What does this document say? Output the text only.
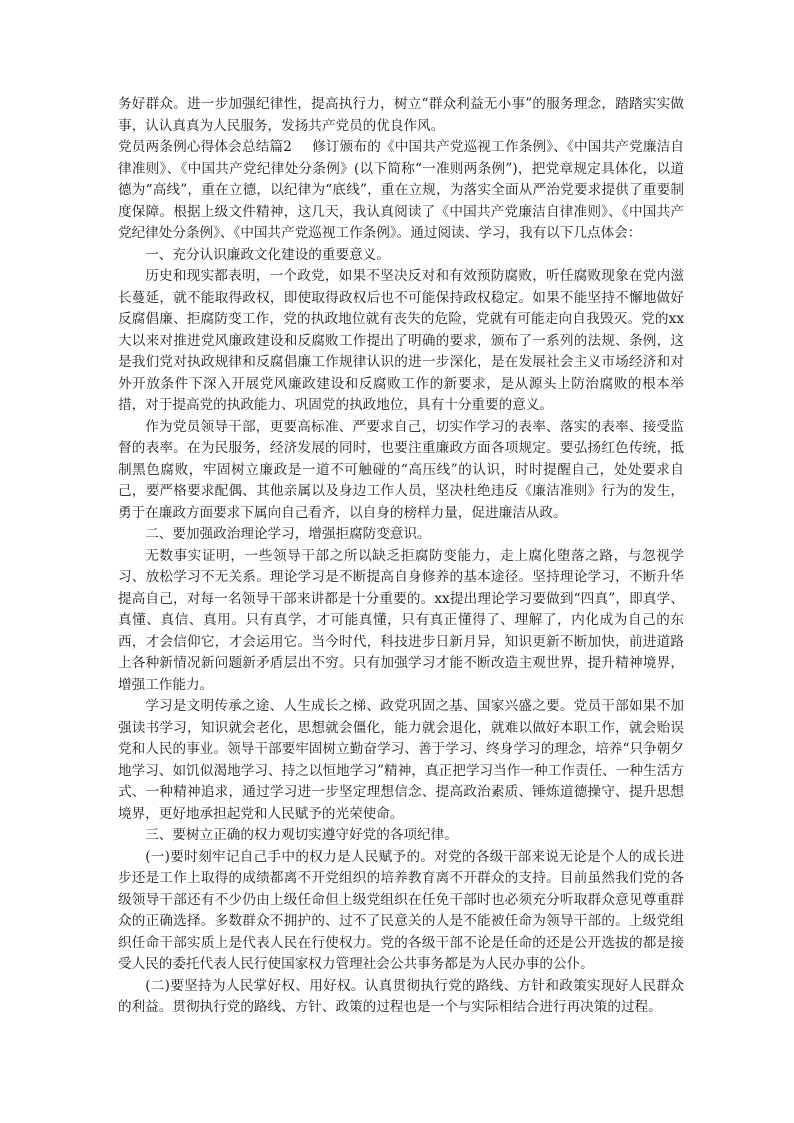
务好群众。进一步加强纪律性，提高执行力，树立“群众利益无小事”的服务理念，踏踏实实做事，认认真真为人民服务，发扬共产党员的优良作风。

党员两条例心得体会总结篇2 修订颁布的《中国共产党巡视工作条例》、《中国共产党廉洁自律准则》、《中国共产党纪律处分条例》(以下简称“一准则两条例”)，把党章规定具体化，以道德为“高线”，重在立德，以纪律为“底线”，重在立规，为落实全面从严治党要求提供了重要制度保障。根据上级文件精神，这几天，我认真阅读了《中国共产党廉洁自律准则》、《中国共产党纪律处分条例》、《中国共产党巡视工作条例》。通过阅读、学习，我有以下几点体会：

一、充分认识廉政文化建设的重要意义。

历史和现实都表明，一个政党，如果不坚决反对和有效预防腐败，听任腐败现象在党内滋长蔓延，就不能取得政权，即使取得政权后也不可能保持政权稳定。如果不能坚持不懈地做好反腐倡廉、拒腐防变工作，党的执政地位就有丧失的危险，党就有可能走向自我毁灭。党的xx大以来对推进党风廉政建设和反腐败工作提出了明确的要求，颁布了一系列的法规、条例，这是我们党对执政规律和反腐倡廉工作规律认识的进一步深化，是在发展社会主义市场经济和对外开放条件下深入开展党风廉政建设和反腐败工作的新要求，是从源头上防治腐败的根本举措，对于提高党的执政能力、巩固党的执政地位，具有十分重要的意义。

作为党员领导干部，更要高标准、严要求自己，切实作学习的表率、落实的表率、接受监督的表率。在为民服务，经济发展的同时，也要注重廉政方面各项规定。要弘扬红色传统，抵制黑色腐败，牢固树立廉政是一道不可触碰的“高压线”的认识，时时提醒自己，处处要求自己，要严格要求配偶、其他亲属以及身边工作人员，坚决杜绝违反《廉洁准则》行为的发生，勇于在廉政方面要求下属向自己看齐，以自身的榜样力量，促进廉洁从政。

二、要加强政治理论学习，增强拒腐防变意识。

无数事实证明，一些领导干部之所以缺乏拒腐防变能力，走上腐化堕落之路，与忽视学习、放松学习不无关系。理论学习是不断提高自身修养的基本途径。坚持理论学习，不断升华提高自己，对每一名领导干部来讲都是十分重要的。xx提出理论学习要做到“四真”，即真学、真懂、真信、真用。只有真学，才可能真懂，只有真正懂得了、理解了，内化成为自己的东西，才会信仰它，才会运用它。当今时代，科技进步日新月异，知识更新不断加快，前进道路上各种新情况新问题新矛盾层出不穷。只有加强学习才能不断改造主观世界，提升精神境界，增强工作能力。

学习是文明传承之途、人生成长之梯、政党巩固之基、国家兴盛之要。党员干部如果不加强读书学习，知识就会老化，思想就会僵化，能力就会退化，就难以做好本职工作，就会贻误党和人民的事业。领导干部要牢固树立勤奋学习、善于学习、终身学习的理念，培养“只争朝夕地学习、如饥似渴地学习、持之以恒地学习”精神，真正把学习当作一种工作责任、一种生活方式、一种精神追求，通过学习进一步坚定理想信念、提高政治素质、锤炼道德操守、提升思想境界，更好地承担起党和人民赋予的光荣使命。

三、要树立正确的权力观切实遵守好党的各项纪律。

(一)要时刻牢记自己手中的权力是人民赋予的。对党的各级干部来说无论是个人的成长进步还是工作上取得的成绩都离不开党组织的培养教育离不开群众的支持。目前虽然我们党的各级领导干部还有不少仍由上级任命但上级党组织在任免干部时也必须充分听取群众意见尊重群众的正确选择。多数群众不拥护的、过不了民意关的人是不能被任命为领导干部的。上级党组织任命干部实质上是代表人民在行使权力。党的各级干部不论是任命的还是公开选拔的都是接受人民的委托代表人民行使国家权力管理社会公共事务都是为人民办事的公仆。

(二)要坚持为人民掌好权、用好权。认真贯彻执行党的路线、方针和政策实现好人民群众的利益。贯彻执行党的路线、方针、政策的过程也是一个与实际相结合进行再决策的过程。
